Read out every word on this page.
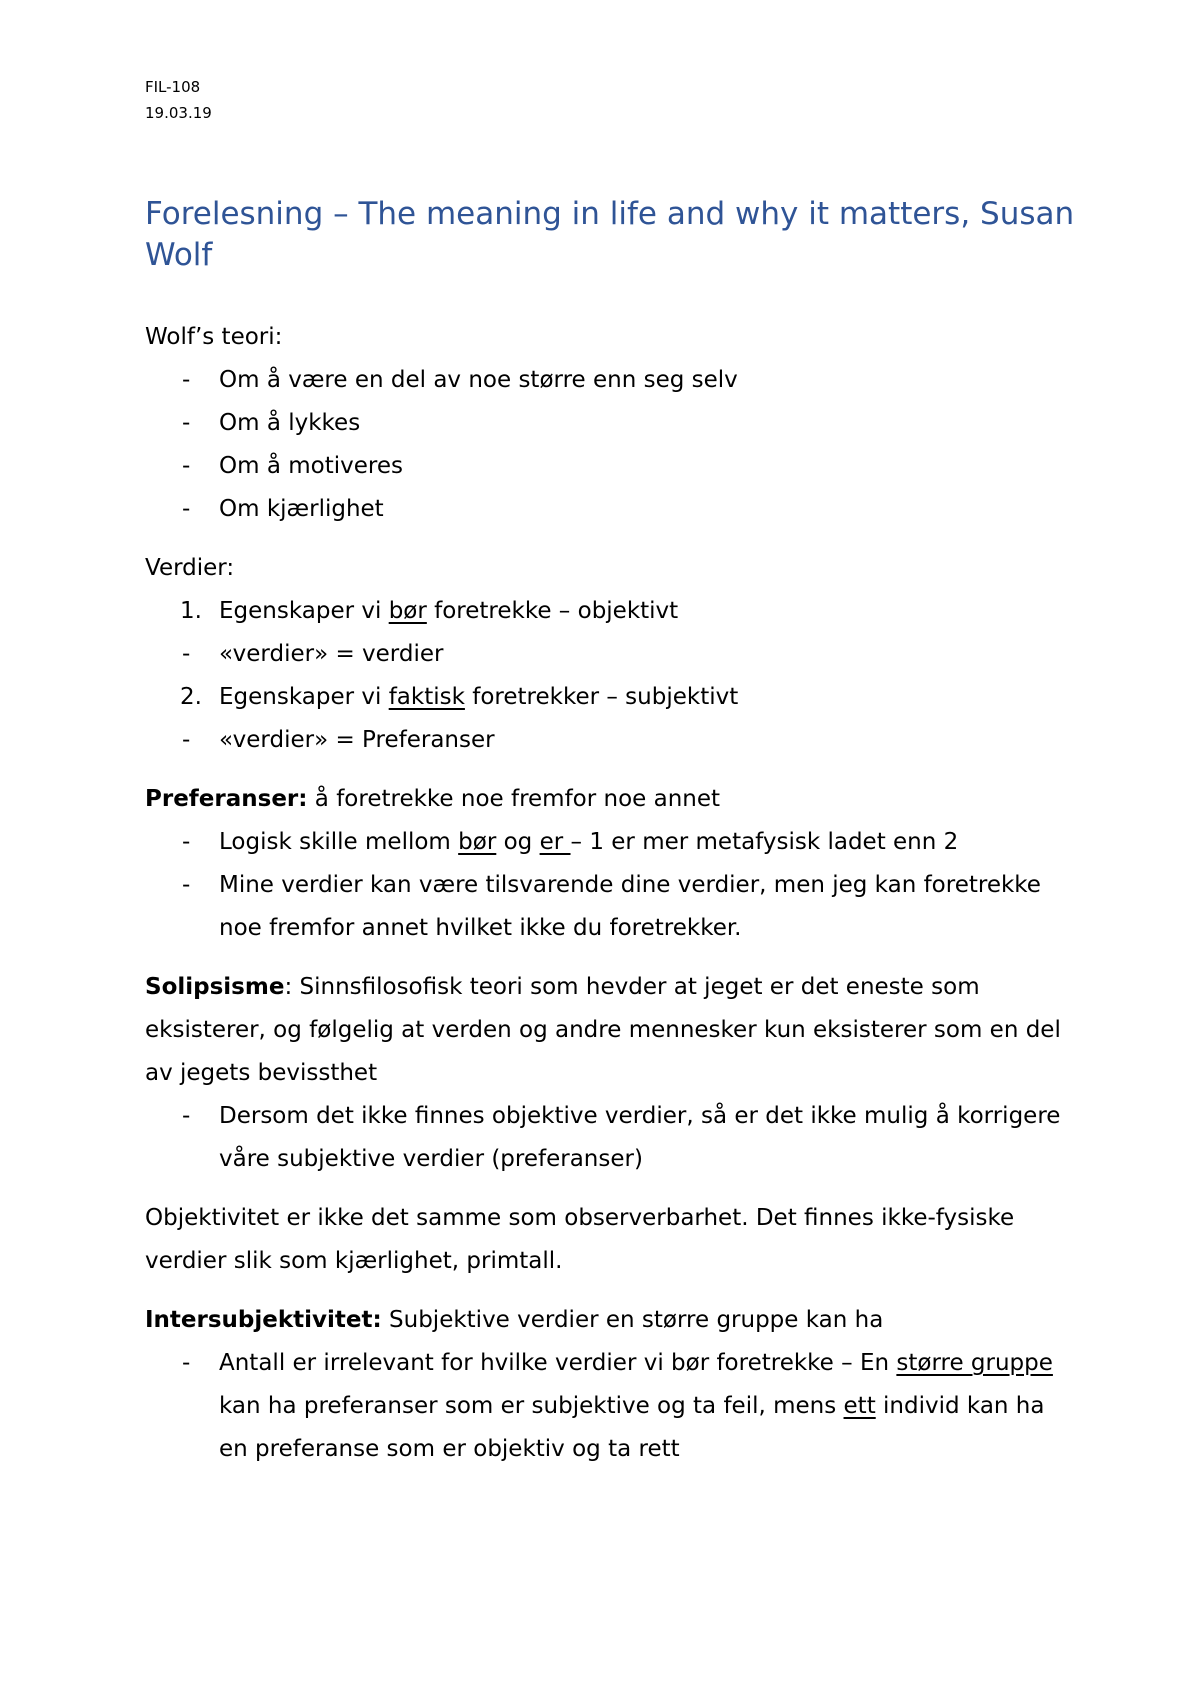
FIL-108
19.03.19
Forelesning – The meaning in life and why it matters, Susan Wolf

Wolf’s teori:

- Om å være en del av noe større enn seg selv
- Om å lykkes
- Om å motiveres
- Om kjærlighet

Verdier:

1. Egenskaper vi bør foretrekke – objektivt
- «verdier» = verdier
2. Egenskaper vi faktisk foretrekker – subjektivt
- «verdier» = Preferanser

Preferanser: å foretrekke noe fremfor noe annet

- Logisk skille mellom bør og er – 1 er mer metafysisk ladet enn 2
- Mine verdier kan være tilsvarende dine verdier, men jeg kan foretrekke noe fremfor annet hvilket ikke du foretrekker.

Solipsisme: Sinnsfilosofisk teori som hevder at jeget er det eneste som eksisterer, og følgelig at verden og andre mennesker kun eksisterer som en del av jegets bevissthet

- Dersom det ikke finnes objektive verdier, så er det ikke mulig å korrigere våre subjektive verdier (preferanser)

Objektivitet er ikke det samme som observerbarhet. Det finnes ikke-fysiske verdier slik som kjærlighet, primtall.

Intersubjektivitet: Subjektive verdier en større gruppe kan ha

- Antall er irrelevant for hvilke verdier vi bør foretrekke – En større gruppe kan ha preferanser som er subjektive og ta feil, mens ett individ kan ha en preferanse som er objektiv og ta rett
